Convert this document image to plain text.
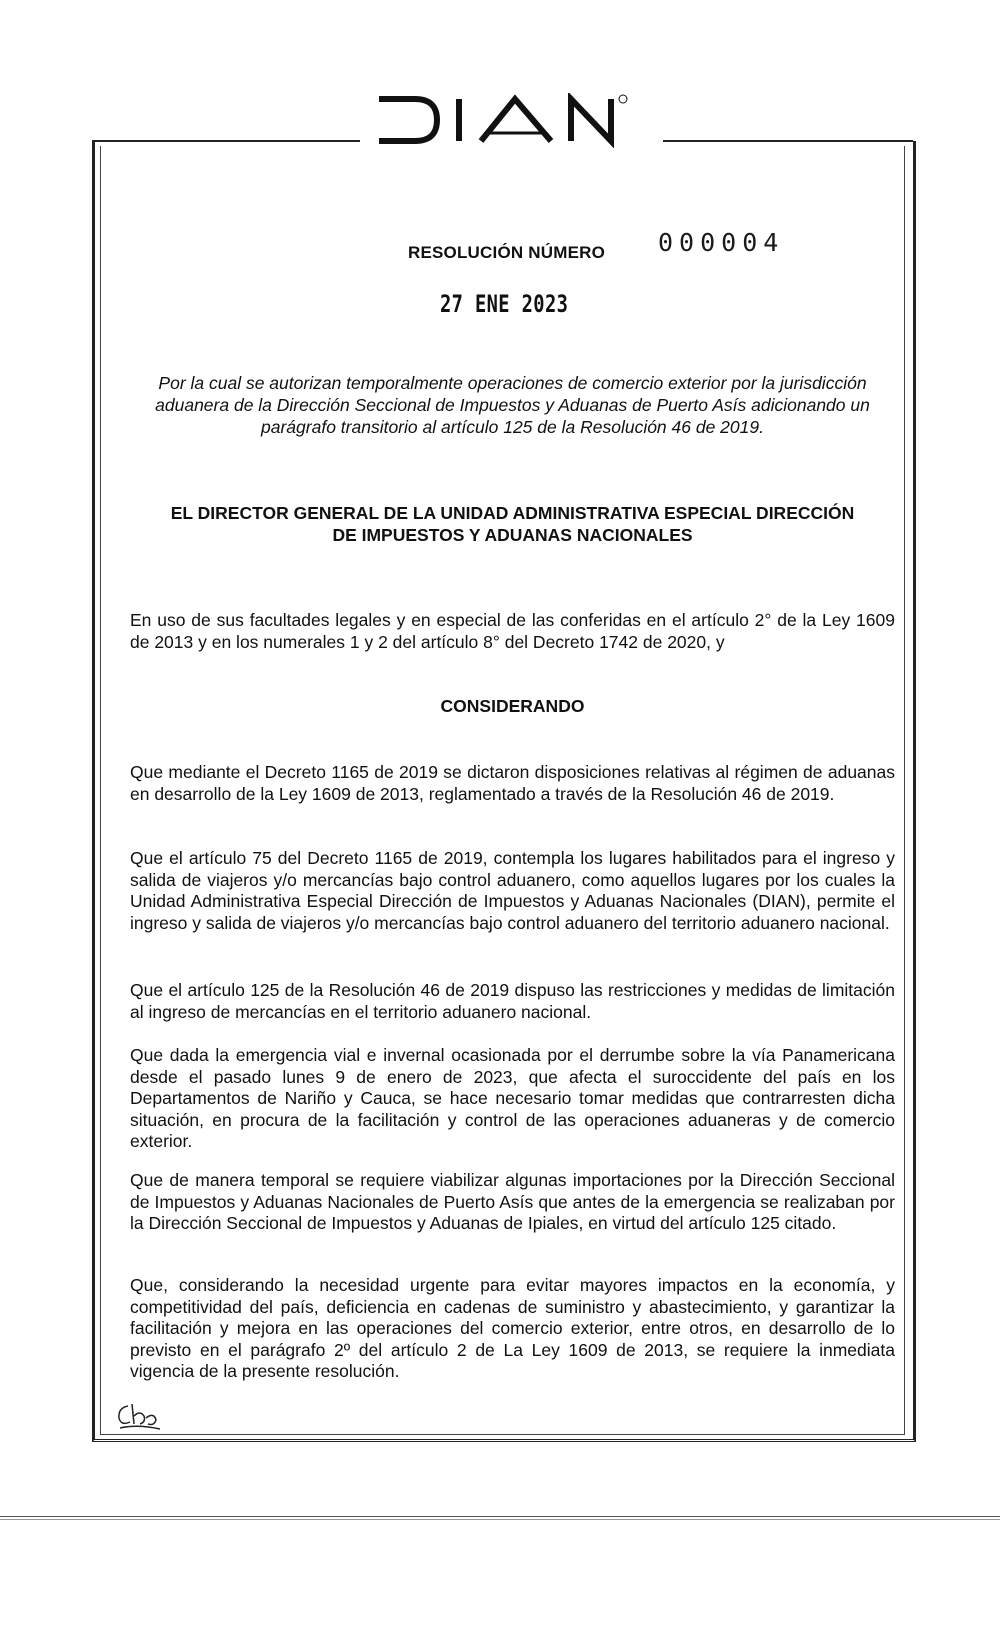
RESOLUCIÓN NÚMERO 000004
27 ENE 2023
Por la cual se autorizan temporalmente operaciones de comercio exterior por la jurisdicción aduanera de la Dirección Seccional de Impuestos y Aduanas de Puerto Asís adicionando un parágrafo transitorio al artículo 125 de la Resolución 46 de 2019.
EL DIRECTOR GENERAL DE LA UNIDAD ADMINISTRATIVA ESPECIAL DIRECCIÓN
DE IMPUESTOS Y ADUANAS NACIONALES
En uso de sus facultades legales y en especial de las conferidas en el artículo 2° de la Ley 1609 de 2013 y en los numerales 1 y 2 del artículo 8° del Decreto 1742 de 2020, y
CONSIDERANDO
Que mediante el Decreto 1165 de 2019 se dictaron disposiciones relativas al régimen de aduanas en desarrollo de la Ley 1609 de 2013, reglamentado a través de la Resolución 46 de 2019.
Que el artículo 75 del Decreto 1165 de 2019, contempla los lugares habilitados para el ingreso y salida de viajeros y/o mercancías bajo control aduanero, como aquellos lugares por los cuales la Unidad Administrativa Especial Dirección de Impuestos y Aduanas Nacionales (DIAN), permite el ingreso y salida de viajeros y/o mercancías bajo control aduanero del territorio aduanero nacional.
Que el artículo 125 de la Resolución 46 de 2019 dispuso las restricciones y medidas de limitación al ingreso de mercancías en el territorio aduanero nacional.
Que dada la emergencia vial e invernal ocasionada por el derrumbe sobre la vía Panamericana desde el pasado lunes 9 de enero de 2023, que afecta el suroccidente del país en los Departamentos de Nariño y Cauca, se hace necesario tomar medidas que contrarresten dicha situación, en procura de la facilitación y control de las operaciones aduaneras y de comercio exterior.
Que de manera temporal se requiere viabilizar algunas importaciones por la Dirección Seccional de Impuestos y Aduanas Nacionales de Puerto Asís que antes de la emergencia se realizaban por la Dirección Seccional de Impuestos y Aduanas de Ipiales, en virtud del artículo 125 citado.
Que, considerando la necesidad urgente para evitar mayores impactos en la economía, y competitividad del país, deficiencia en cadenas de suministro y abastecimiento, y garantizar la facilitación y mejora en las operaciones del comercio exterior, entre otros, en desarrollo de lo previsto en el parágrafo 2º del artículo 2 de La Ley 1609 de 2013, se requiere la inmediata vigencia de la presente resolución.
